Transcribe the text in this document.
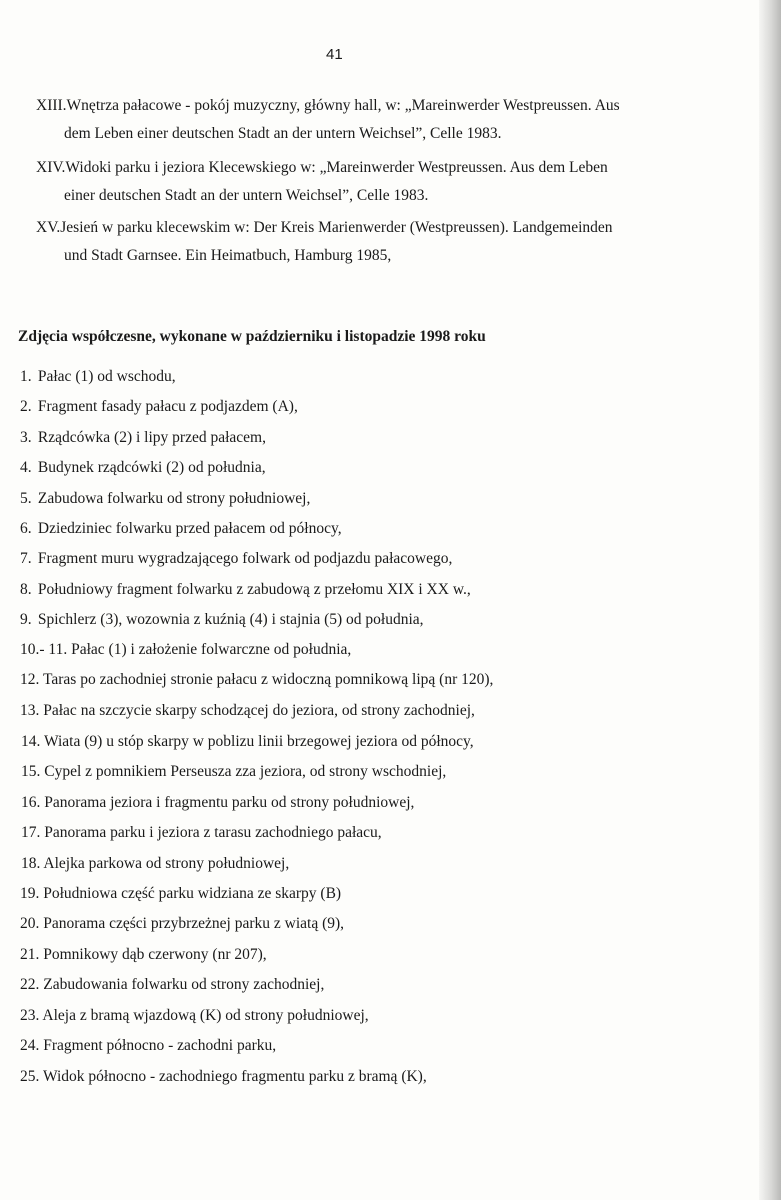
41

XIII.Wnętrza pałacowe - pokój muzyczny, główny hall, w: „Mareinwerder Westpreussen. Aus
dem Leben einer deutschen Stadt an der untern Weichsel”, Celle 1983.

XIV.Widoki parku i jeziora Klecewskiego w: „Mareinwerder Westpreussen. Aus dem Leben
einer deutschen Stadt an der untern Weichsel”, Celle 1983.

XV.Jesień w parku klecewskim w: Der Kreis Marienwerder (Westpreussen). Landgemeinden
und Stadt Garnsee. Ein Heimatbuch, Hamburg 1985,

Zdjęcia współczesne, wykonane w październiku i listopadzie 1998 roku
1. Pałac (1) od wschodu,
2. Fragment fasady pałacu z podjazdem (A),
3. Rządcówka (2) i lipy przed pałacem,
4. Budynek rządcówki (2) od południa,
5. Zabudowa folwarku od strony południowej,
6. Dziedziniec folwarku przed pałacem od północy,
7. Fragment muru wygradzającego folwark od podjazdu pałacowego,
8. Południowy fragment folwarku z zabudową z przełomu XIX i XX w.,
9. Spichlerz (3), wozownia z kuźnią (4) i stajnia (5) od południa,
10.- 11. Pałac (1) i założenie folwarczne od południa,
12. Taras po zachodniej stronie pałacu z widoczną pomnikową lipą (nr 120),
13. Pałac na szczycie skarpy schodzącej do jeziora, od strony zachodniej,
14. Wiata (9) u stóp skarpy w poblizu linii brzegowej jeziora od północy,
15. Cypel z pomnikiem Perseusza zza jeziora, od strony wschodniej,
16. Panorama jeziora i fragmentu parku od strony południowej,
17. Panorama parku i jeziora z tarasu zachodniego pałacu,
18. Alejka parkowa od strony południowej,
19. Południowa część parku widziana ze skarpy (B)
20. Panorama części przybrzeżnej parku z wiatą (9),
21. Pomnikowy dąb czerwony (nr 207),
22. Zabudowania folwarku od strony zachodniej,
23. Aleja z bramą wjazdową (K) od strony południowej,
24. Fragment północno - zachodni parku,
25. Widok północno - zachodniego fragmentu parku z bramą (K),
